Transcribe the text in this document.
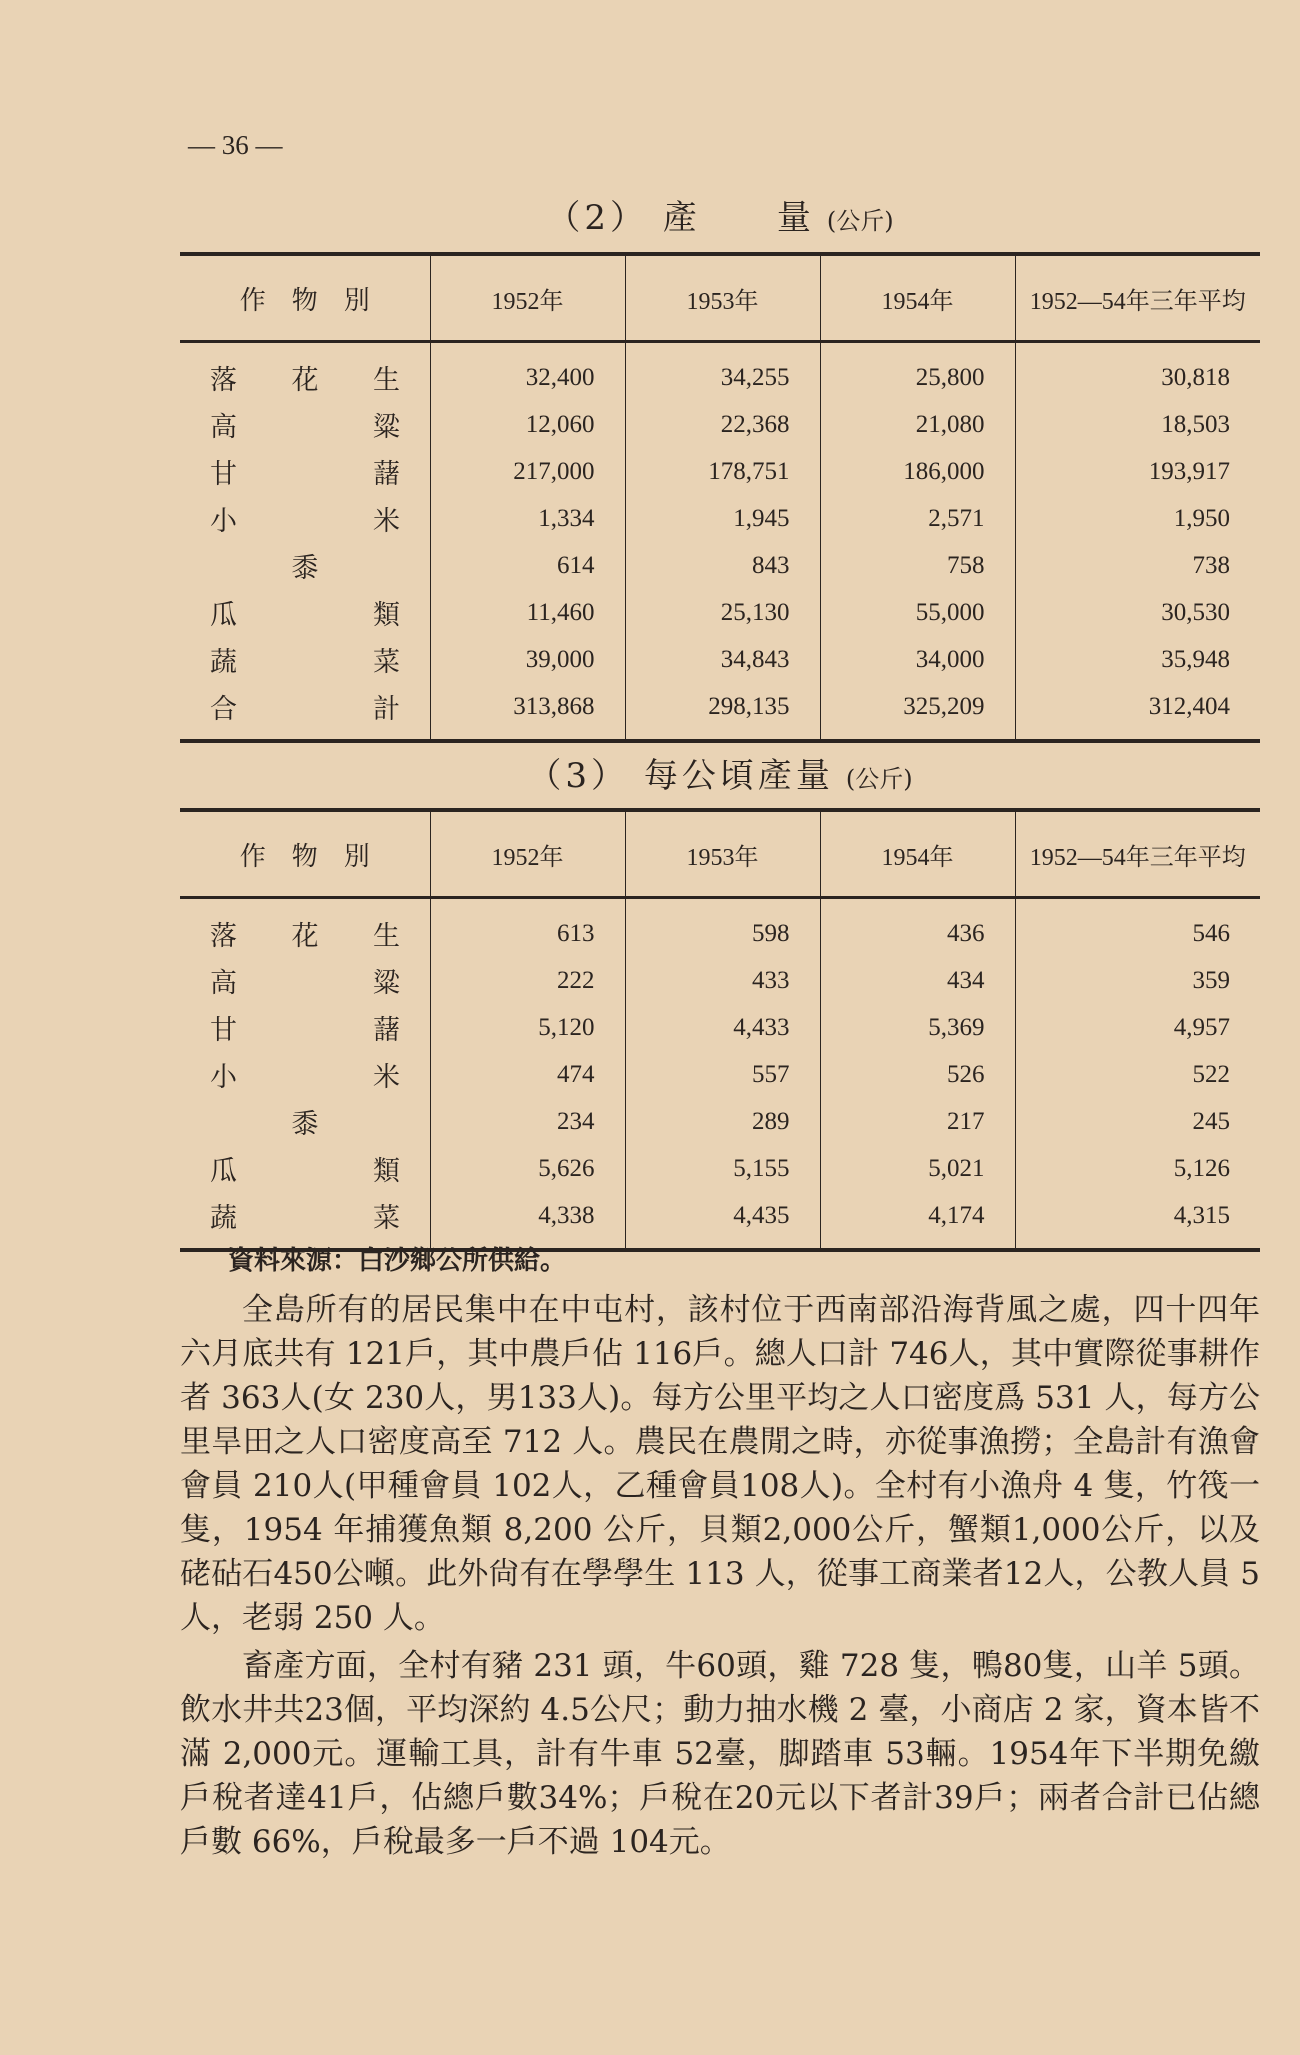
— 36 —
（2） 產　　量 (公斤)
作　物　別	1952年	1953年	1954年	1952—54年三年平均

落 花 生	32,400	34,255	25,800	30,818

高 粱	12,060	22,368	21,080	18,503

甘 藷	217,000	178,751	186,000	193,917

小 米	1,334	1,945	2,571	1,950

黍	614	843	758	738

瓜 類	11,460	25,130	55,000	30,530

蔬 菜	39,000	34,843	34,000	35,948

合 計	313,868	298,135	325,209	312,404
（3） 每公頃產量 (公斤)
作　物　別	1952年	1953年	1954年	1952—54年三年平均

落 花 生	613	598	436	546

高 粱	222	433	434	359

甘 藷	5,120	4,433	5,369	4,957

小 米	474	557	526	522

黍	234	289	217	245

瓜 類	5,626	5,155	5,021	5,126

蔬 菜	4,338	4,435	4,174	4,315
資料來源：白沙鄉公所供給。

全島所有的居民集中在中屯村，該村位于西南部沿海背風之處，四十四年六月底共有 121戶，其中農戶佔 116戶。總人口計 746人，其中實際從事耕作者 363人(女 230人，男133人)。每方公里平均之人口密度爲 531 人，每方公里旱田之人口密度高至 712 人。農民在農閒之時，亦從事漁撈；全島計有漁會會員 210人(甲種會員 102人，乙種會員108人)。全村有小漁舟 4 隻，竹筏一隻，1954 年捕獲魚類 8,200 公斤，貝類2,000公斤，蟹類1,000公斤，以及硓砧石450公噸。此外尙有在學學生 113 人，從事工商業者12人，公教人員 5 人，老弱 250 人。

畜產方面，全村有豬 231 頭，牛60頭，雞 728 隻，鴨80隻，山羊 5頭。飲水井共23個，平均深約 4.5公尺；動力抽水機 2 臺，小商店 2 家，資本皆不滿 2,000元。運輸工具，計有牛車 52臺，脚踏車 53輛。1954年下半期免繳戶稅者達41戶，佔總戶數34%；戶稅在20元以下者計39戶；兩者合計已佔總戶數 66%，戶稅最多一戶不過 104元。
